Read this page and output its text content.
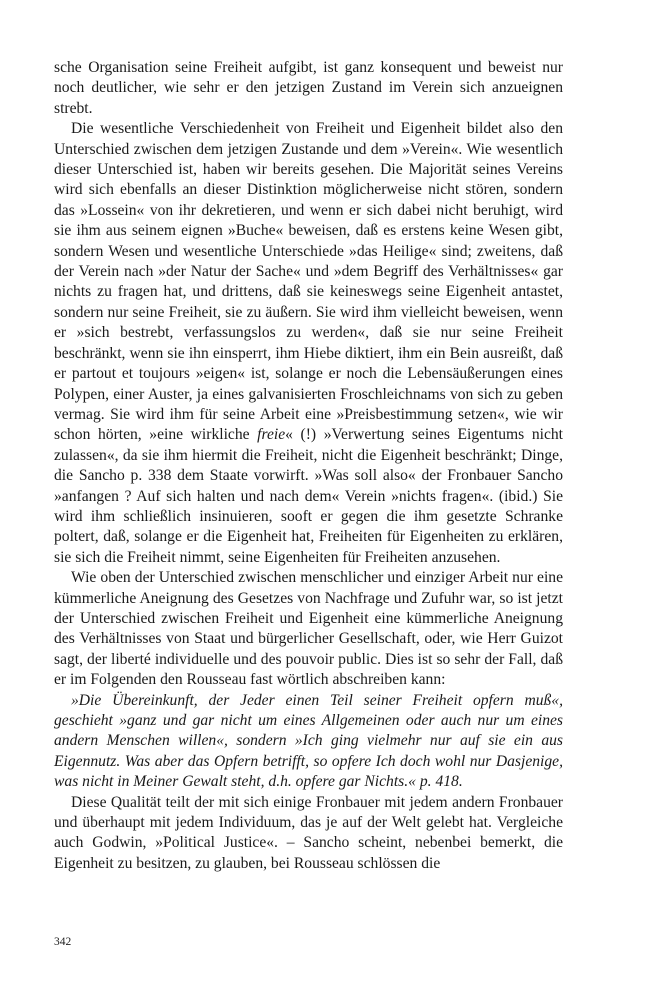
sche Organisation seine Freiheit aufgibt, ist ganz konsequent und beweist nur noch deutlicher, wie sehr er den jetzigen Zustand im Verein sich anzueignen strebt.

Die wesentliche Verschiedenheit von Freiheit und Eigenheit bildet also den Unterschied zwischen dem jetzigen Zustande und dem »Verein«. Wie wesentlich dieser Unterschied ist, haben wir bereits gesehen. Die Majorität seines Vereins wird sich ebenfalls an dieser Distinktion möglicherweise nicht stören, sondern das »Lossein« von ihr dekretieren, und wenn er sich dabei nicht beruhigt, wird sie ihm aus seinem eignen »Buche« beweisen, daß es erstens keine Wesen gibt, sondern Wesen und wesentliche Unterschiede »das Heilige« sind; zweitens, daß der Verein nach »der Natur der Sache« und »dem Begriff des Verhältnisses« gar nichts zu fragen hat, und drittens, daß sie keineswegs seine Eigenheit antastet, sondern nur seine Freiheit, sie zu äußern. Sie wird ihm vielleicht beweisen, wenn er »sich bestrebt, verfassungslos zu werden«, daß sie nur seine Freiheit beschränkt, wenn sie ihn einsperrt, ihm Hiebe diktiert, ihm ein Bein ausreißt, daß er partout et toujours »eigen« ist, solange er noch die Lebensäußerungen eines Polypen, einer Auster, ja eines galvanisierten Froschleichnams von sich zu geben vermag. Sie wird ihm für seine Arbeit eine »Preisbestimmung setzen«, wie wir schon hörten, »eine wirkliche freie« (!) »Verwertung seines Eigentums nicht zulassen«, da sie ihm hiermit die Freiheit, nicht die Eigenheit beschränkt; Dinge, die Sancho p. 338 dem Staate vorwirft. »Was soll also« der Fronbauer Sancho »anfangen ? Auf sich halten und nach dem« Verein »nichts fragen«. (ibid.) Sie wird ihm schließlich insinuieren, sooft er gegen die ihm gesetzte Schranke poltert, daß, solange er die Eigenheit hat, Freiheiten für Eigenheiten zu erklären, sie sich die Freiheit nimmt, seine Eigenheiten für Freiheiten anzusehen.

Wie oben der Unterschied zwischen menschlicher und einziger Arbeit nur eine kümmerliche Aneignung des Gesetzes von Nachfrage und Zufuhr war, so ist jetzt der Unterschied zwischen Freiheit und Eigenheit eine kümmerliche Aneignung des Verhältnisses von Staat und bürgerlicher Gesellschaft, oder, wie Herr Guizot sagt, der liberté individuelle und des pouvoir public. Dies ist so sehr der Fall, daß er im Folgenden den Rousseau fast wörtlich abschreiben kann:

»Die Übereinkunft, der Jeder einen Teil seiner Freiheit opfern muß«, geschieht »ganz und gar nicht um eines Allgemeinen oder auch nur um eines andern Menschen willen«, sondern »Ich ging vielmehr nur auf sie ein aus Eigennutz. Was aber das Opfern betrifft, so opfere Ich doch wohl nur Dasjenige, was nicht in Meiner Gewalt steht, d.h. opfere gar Nichts.« p. 418.

Diese Qualität teilt der mit sich einige Fronbauer mit jedem andern Fronbauer und überhaupt mit jedem Individuum, das je auf der Welt gelebt hat. Vergleiche auch Godwin, »Political Justice«. – Sancho scheint, nebenbei bemerkt, die Eigenheit zu besitzen, zu glauben, bei Rousseau schlössen die

342
